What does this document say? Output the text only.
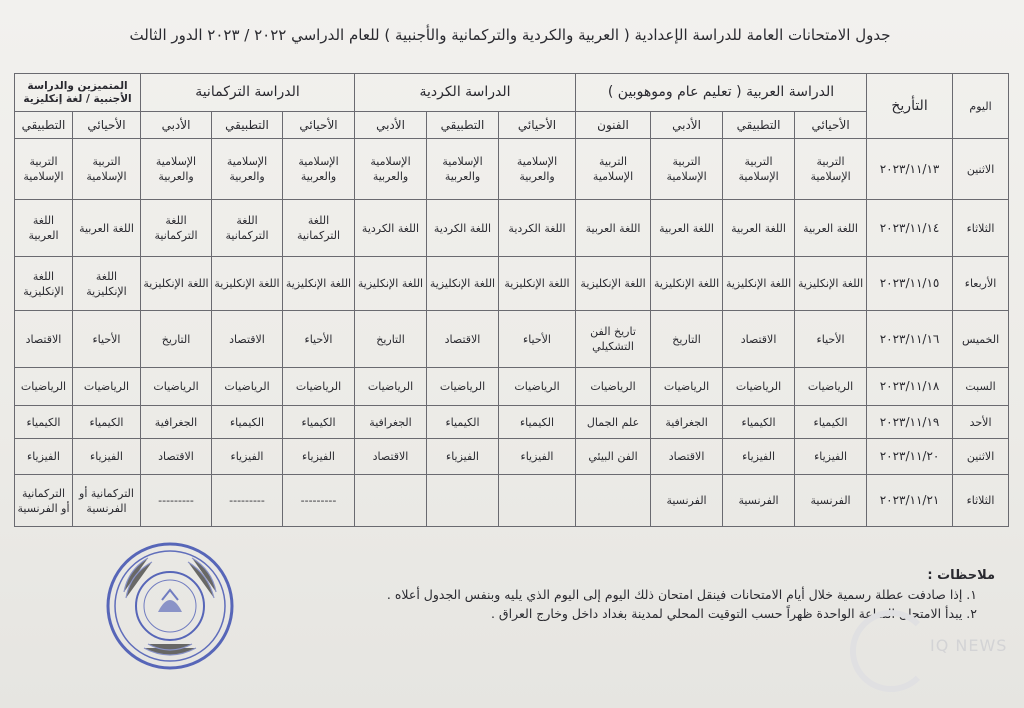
جدول الامتحانات العامة للدراسة الإعدادية ( العربية والكردية والتركمانية والأجنبية ) للعام الدراسي ٢٠٢٢ / ٢٠٢٣ الدور الثالث
اليوم	التأريخ	الدراسة العربية ( تعليم عام وموهوبين )				الدراسة الكردية			الدراسة التركمانية			المتميزين والدراسة الأجنبية / لغة إنكليزية	
		الأحيائي	التطبيقي	الأدبي	الفنون	الأحيائي	التطبيقي	الأدبي	الأحيائي	التطبيقي	الأدبي	الأحيائي	التطبيقي
الاثنين	٢٠٢٣/١١/١٣	التربية الإسلامية	التربية الإسلامية	التربية الإسلامية	التربية الإسلامية	الإسلامية والعربية	الإسلامية والعربية	الإسلامية والعربية	الإسلامية والعربية	الإسلامية والعربية	الإسلامية والعربية	التربية الإسلامية	التربية الإسلامية
الثلاثاء	٢٠٢٣/١١/١٤	اللغة العربية	اللغة العربية	اللغة العربية	اللغة العربية	اللغة الكردية	اللغة الكردية	اللغة الكردية	اللغة التركمانية	اللغة التركمانية	اللغة التركمانية	اللغة العربية	اللغة العربية
الأربعاء	٢٠٢٣/١١/١٥	اللغة الإنكليزية	اللغة الإنكليزية	اللغة الإنكليزية	اللغة الإنكليزية	اللغة الإنكليزية	اللغة الإنكليزية	اللغة الإنكليزية	اللغة الإنكليزية	اللغة الإنكليزية	اللغة الإنكليزية	اللغة الإنكليزية	اللغة الإنكليزية
الخميس	٢٠٢٣/١١/١٦	الأحياء	الاقتصاد	التاريخ	تاريخ الفن التشكيلي	الأحياء	الاقتصاد	التاريخ	الأحياء	الاقتصاد	التاريخ	الأحياء	الاقتصاد
السبت	٢٠٢٣/١١/١٨	الرياضيات	الرياضيات	الرياضيات	الرياضيات	الرياضيات	الرياضيات	الرياضيات	الرياضيات	الرياضيات	الرياضيات	الرياضيات	الرياضيات
الأحد	٢٠٢٣/١١/١٩	الكيمياء	الكيمياء	الجغرافية	علم الجمال	الكيمياء	الكيمياء	الجغرافية	الكيمياء	الكيمياء	الجغرافية	الكيمياء	الكيمياء
الاثنين	٢٠٢٣/١١/٢٠	الفيزياء	الفيزياء	الاقتصاد	الفن البيئي	الفيزياء	الفيزياء	الاقتصاد	الفيزياء	الفيزياء	الاقتصاد	الفيزياء	الفيزياء
الثلاثاء	٢٠٢٣/١١/٢١	الفرنسية	الفرنسية	الفرنسية					---------	---------	---------	التركمانية أو الفرنسية	التركمانية أو الفرنسية
ملاحظات :
١. إذا صادفت عطلة رسمية خلال أيام الامتحانات فينقل امتحان ذلك اليوم إلى اليوم الذي يليه وبنفس الجدول أعلاه .
٢. يبدأ الامتحان الساعة الواحدة ظهراً حسب التوقيت المحلي لمدينة بغداد داخل وخارج العراق .
IQ NEWS
